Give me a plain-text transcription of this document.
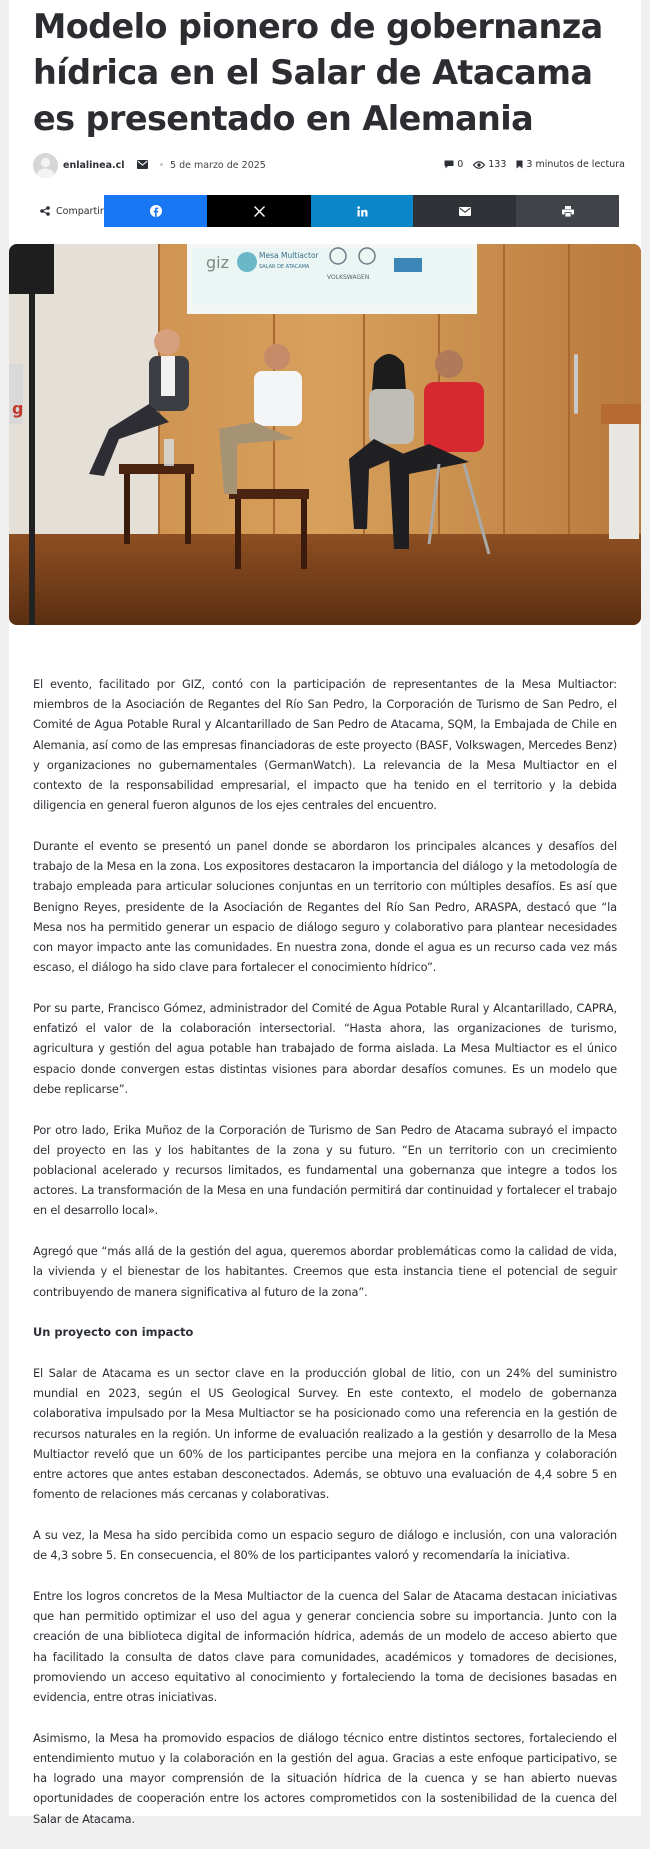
Modelo pionero de gobernanza hídrica en el Salar de Atacama es presentado en Alemania
enlalinea.cl	5 de marzo de 2025	0	133 3 minutos de lectura
Compartir
giz	Mesa Multiactor
SALAR DE ATACAMA
VOLKSWAGEN
g

El evento, facilitado por GIZ, contó con la participación de representantes de la Mesa Multiactor: miembros de la Asociación de Regantes del Río San Pedro, la Corporación de Turismo de San Pedro, el Comité de Agua Potable Rural y Alcantarillado de San Pedro de Atacama, SQM, la Embajada de Chile en Alemania, así como de las empresas financiadoras de este proyecto (BASF, Volkswagen, Mercedes Benz) y organizaciones no gubernamentales (GermanWatch). La relevancia de la Mesa Multiactor en el contexto de la responsabilidad empresarial, el impacto que ha tenido en el territorio y la debida diligencia en general fueron algunos de los ejes centrales del encuentro.

Durante el evento se presentó un panel donde se abordaron los principales alcances y desafíos del trabajo de la Mesa en la zona. Los expositores destacaron la importancia del diálogo y la metodología de trabajo empleada para articular soluciones conjuntas en un territorio con múltiples desafíos. Es así que Benigno Reyes, presidente de la Asociación de Regantes del Río San Pedro, ARASPA, destacó que “la Mesa nos ha permitido generar un espacio de diálogo seguro y colaborativo para plantear necesidades con mayor impacto ante las comunidades. En nuestra zona, donde el agua es un recurso cada vez más escaso, el diálogo ha sido clave para fortalecer el conocimiento hídrico”.

Por su parte, Francisco Gómez, administrador del Comité de Agua Potable Rural y Alcantarillado, CAPRA, enfatizó el valor de la colaboración intersectorial. “Hasta ahora, las organizaciones de turismo, agricultura y gestión del agua potable han trabajado de forma aislada. La Mesa Multiactor es el único espacio donde convergen estas distintas visiones para abordar desafíos comunes. Es un modelo que debe replicarse”.

Por otro lado, Erika Muñoz de la Corporación de Turismo de San Pedro de Atacama subrayó el impacto del proyecto en las y los habitantes de la zona y su futuro. “En un territorio con un crecimiento poblacional acelerado y recursos limitados, es fundamental una gobernanza que integre a todos los actores. La transformación de la Mesa en una fundación permitirá dar continuidad y fortalecer el trabajo en el desarrollo local».

Agregó que “más allá de la gestión del agua, queremos abordar problemáticas como la calidad de vida, la vivienda y el bienestar de los habitantes. Creemos que esta instancia tiene el potencial de seguir contribuyendo de manera significativa al futuro de la zona”.

Un proyecto con impacto

El Salar de Atacama es un sector clave en la producción global de litio, con un 24% del suministro mundial en 2023, según el US Geological Survey. En este contexto, el modelo de gobernanza colaborativa impulsado por la Mesa Multiactor se ha posicionado como una referencia en la gestión de recursos naturales en la región. Un informe de evaluación realizado a la gestión y desarrollo de la Mesa Multiactor reveló que un 60% de los participantes percibe una mejora en la confianza y colaboración entre actores que antes estaban desconectados. Además, se obtuvo una evaluación de 4,4 sobre 5 en fomento de relaciones más cercanas y colaborativas.

A su vez, la Mesa ha sido percibida como un espacio seguro de diálogo e inclusión, con una valoración de 4,3 sobre 5. En consecuencia, el 80% de los participantes valoró y recomendaría la iniciativa.

Entre los logros concretos de la Mesa Multiactor de la cuenca del Salar de Atacama destacan iniciativas que han permitido optimizar el uso del agua y generar conciencia sobre su importancia. Junto con la creación de una biblioteca digital de información hídrica, además de un modelo de acceso abierto que ha facilitado la consulta de datos clave para comunidades, académicos y tomadores de decisiones, promoviendo un acceso equitativo al conocimiento y fortaleciendo la toma de decisiones basadas en evidencia, entre otras iniciativas.

Asimismo, la Mesa ha promovido espacios de diálogo técnico entre distintos sectores, fortaleciendo el entendimiento mutuo y la colaboración en la gestión del agua. Gracias a este enfoque participativo, se ha logrado una mayor comprensión de la situación hídrica de la cuenca y se han abierto nuevas oportunidades de cooperación entre los actores comprometidos con la sostenibilidad de la cuenca del Salar de Atacama.
